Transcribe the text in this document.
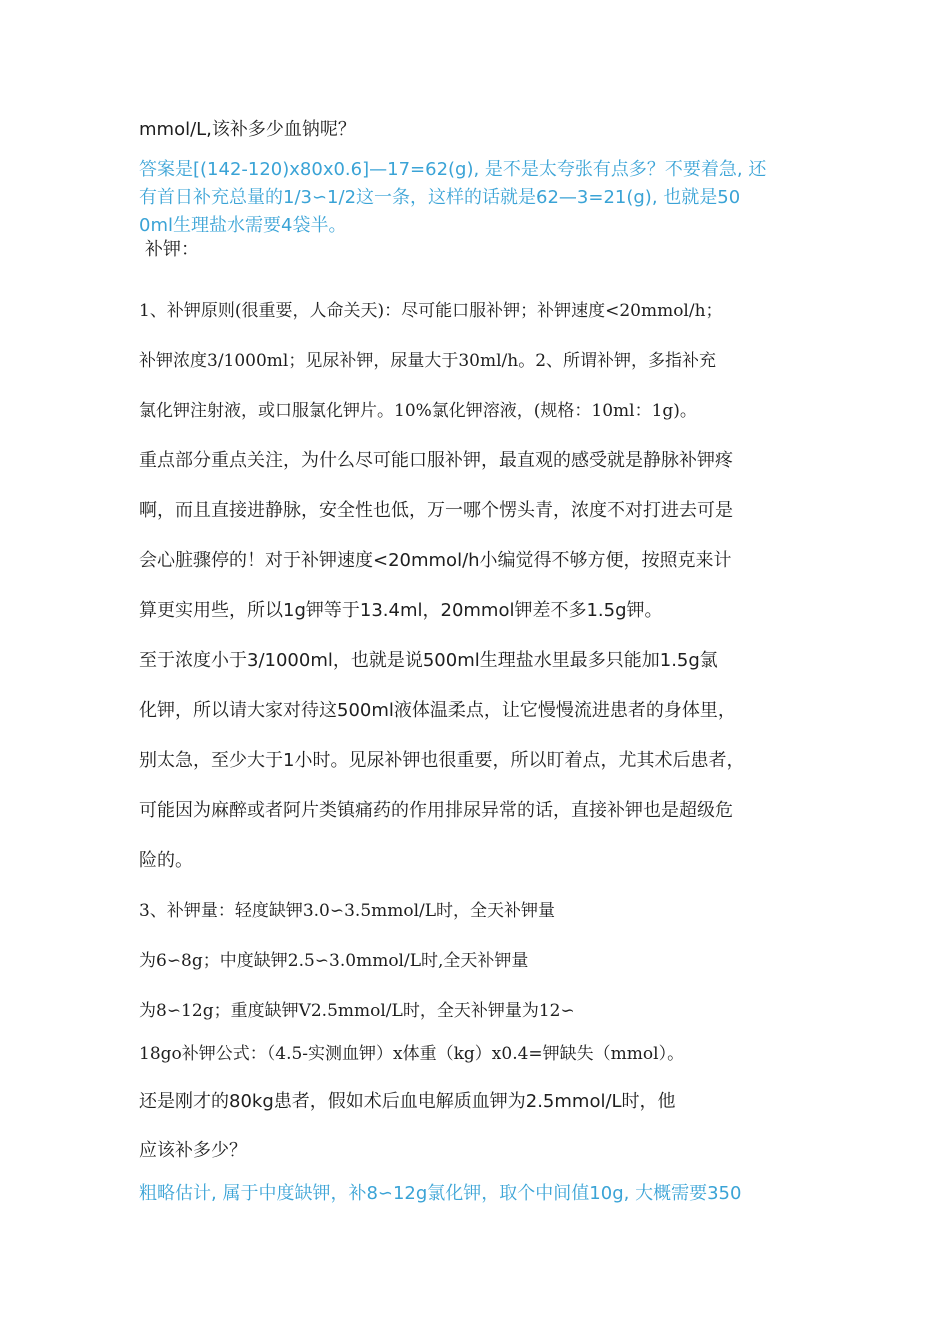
mmol/L,该补多少血钠呢？
答案是[(142-120)x80x0.6]—17=62(g), 是不是太夸张有点多？不要着急, 还
有首日补充总量的1/3∽1/2这一条，这样的话就是62—3=21(g), 也就是50
0ml生理盐水需要4袋半。
补钾：
1、补钾原则(很重要，人命关天)：尽可能口服补钾；补钾速度<20mmol/h；
补钾浓度3/1000ml；见尿补钾，尿量大于30ml/h。2、所谓补钾，多指补充
氯化钾注射液，或口服氯化钾片。10%氯化钾溶液，(规格：10ml：1g)。
重点部分重点关注，为什么尽可能口服补钾，最直观的感受就是静脉补钾疼
啊，而且直接进静脉，安全性也低，万一哪个愣头青，浓度不对打进去可是
会心脏骤停的！对于补钾速度<20mmol/h小编觉得不够方便，按照克来计
算更实用些，所以1g钾等于13.4ml，20mmol钾差不多1.5g钾。
至于浓度小于3/1000ml，也就是说500ml生理盐水里最多只能加1.5g氯
化钾，所以请大家对待这500ml液体温柔点，让它慢慢流进患者的身体里，
别太急，至少大于1小时。见尿补钾也很重要，所以盯着点，尤其术后患者，
可能因为麻醉或者阿片类镇痛药的作用排尿异常的话，直接补钾也是超级危
险的。
3、补钾量：轻度缺钾3.0∽3.5mmol/L时，全天补钾量
为6∽8g；中度缺钾2.5∽3.0mmol/L时,全天补钾量
为8∽12g；重度缺钾V2.5mmol/L时，全天补钾量为12∽
18go补钾公式：（4.5-实测血钾）x体重（kg）x0.4=钾缺失（mmol）。
还是刚才的80kg患者，假如术后血电解质血钾为2.5mmol/L时，他
应该补多少？
粗略估计, 属于中度缺钾，补8∽12g氯化钾，取个中间值10g, 大概需要350
